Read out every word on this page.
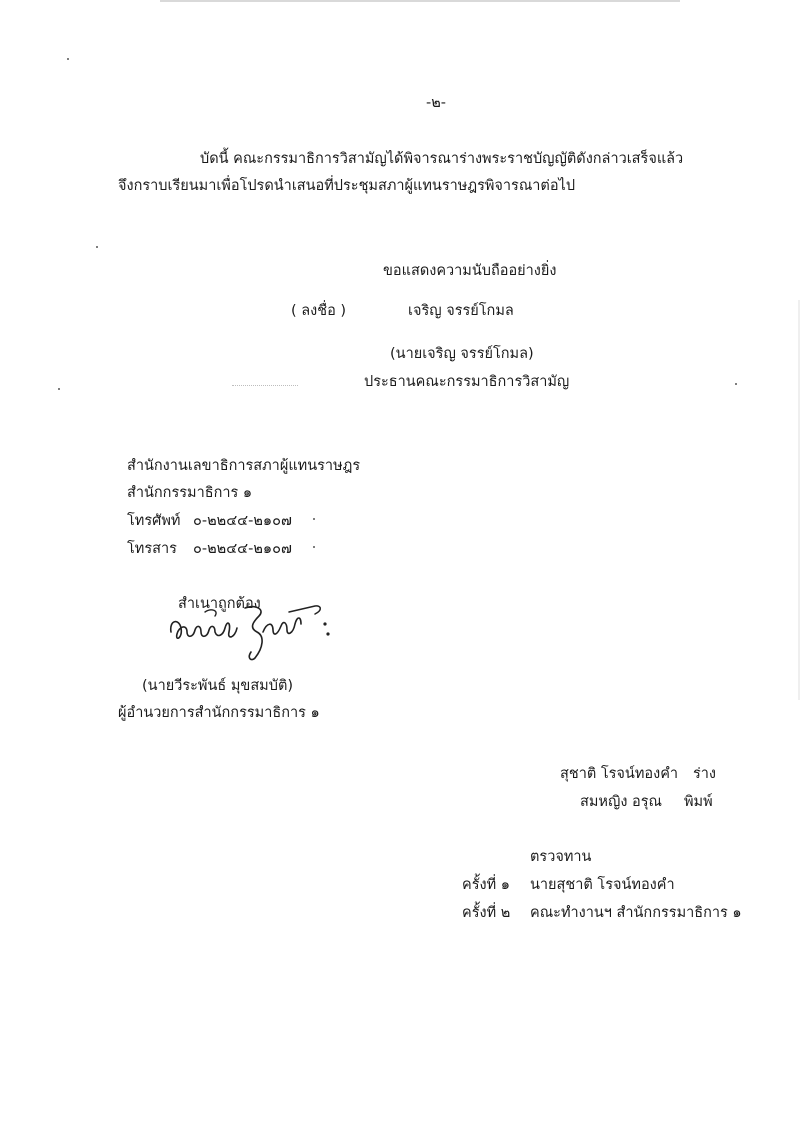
-๒-
บัดนี้ คณะกรรมาธิการวิสามัญได้พิจารณาร่างพระราชบัญญัติดังกล่าวเสร็จแล้ว
จึงกราบเรียนมาเพื่อโปรดนำเสนอที่ประชุมสภาผู้แทนราษฎรพิจารณาต่อไป
ขอแสดงความนับถืออย่างยิ่ง
( ลงชื่อ )	เจริญ จรรย์โกมล
(นายเจริญ จรรย์โกมล)
ประธานคณะกรรมาธิการวิสามัญ
สำนักงานเลขาธิการสภาผู้แทนราษฎร
สำนักกรรมาธิการ ๑
โทรศัพท์ ๐-๒๒๔๔-๒๑๐๗
โทรสาร ๐-๒๒๔๔-๒๑๐๗
สำเนาถูกต้อง
(นายวีระพันธ์ มุขสมบัติ)
ผู้อำนวยการสำนักกรรมาธิการ ๑
สุชาติ โรจน์ทองคำ ร่าง
สมหญิง อรุณ พิมพ์
ตรวจทาน
ครั้งที่ ๑ นายสุชาติ โรจน์ทองคำ
ครั้งที่ ๒ คณะทำงานฯ สำนักกรรมาธิการ ๑
